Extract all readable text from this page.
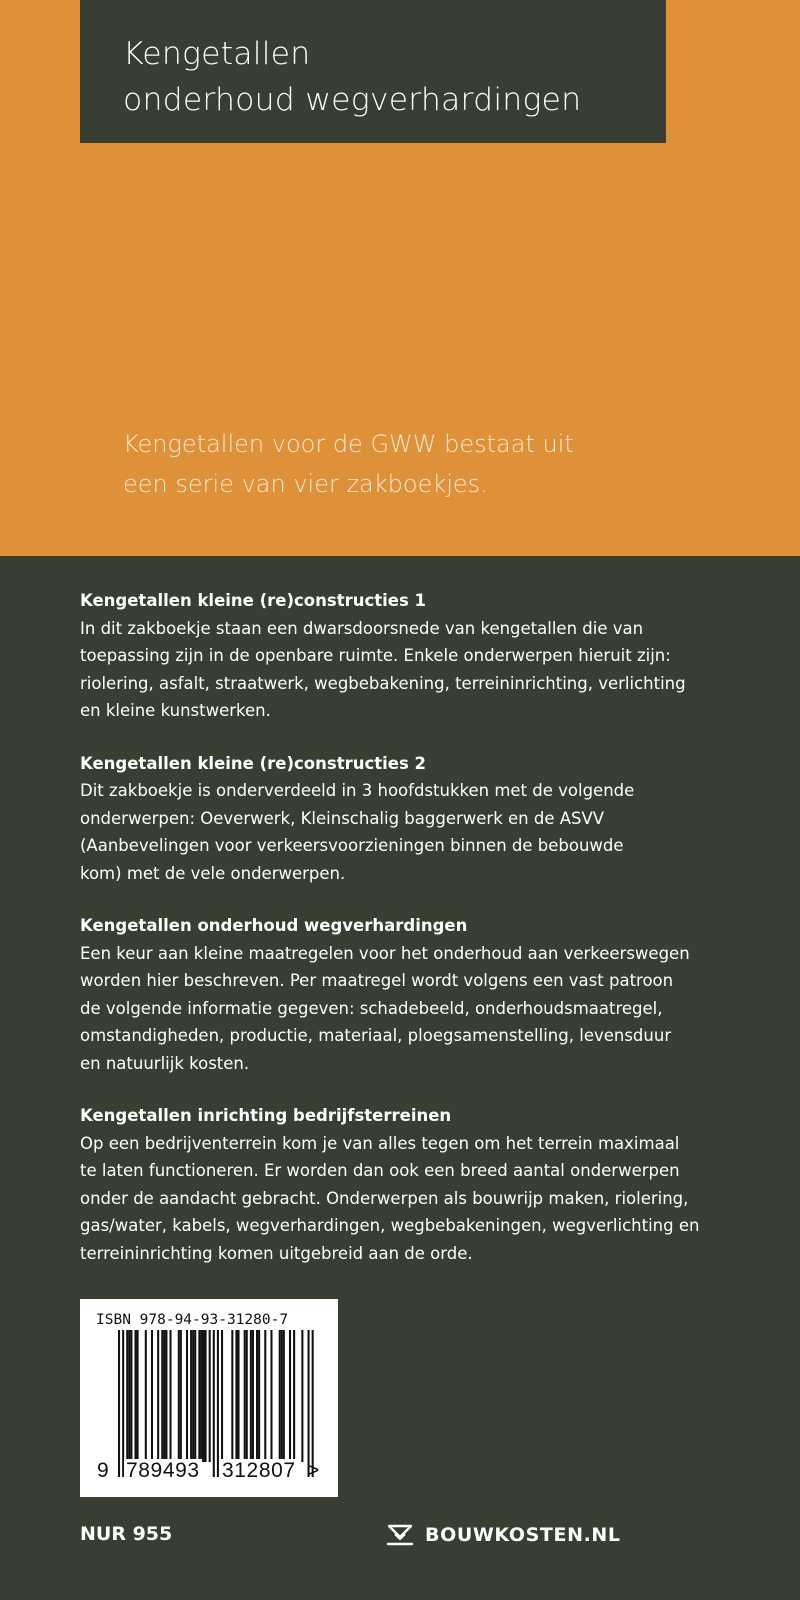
Kengetallen
onderhoud wegverhardingen

Kengetallen voor de GWW bestaat uit
een serie van vier zakboekjes.

Kengetallen kleine (re)constructies 1

In dit zakboekje staan een dwarsdoorsnede van kengetallen die van
toepassing zijn in de openbare ruimte. Enkele onderwerpen hieruit zijn:
riolering, asfalt, straatwerk, wegbebakening, terreininrichting, verlichting
en kleine kunstwerken.

Kengetallen kleine (re)constructies 2

Dit zakboekje is onderverdeeld in 3 hoofdstukken met de volgende
onderwerpen: Oeverwerk, Kleinschalig baggerwerk en de ASVV
(Aanbevelingen voor verkeersvoorzieningen binnen de bebouwde
kom) met de vele onderwerpen.

Kengetallen onderhoud wegverhardingen

Een keur aan kleine maatregelen voor het onderhoud aan verkeerswegen
worden hier beschreven. Per maatregel wordt volgens een vast patroon
de volgende informatie gegeven: schadebeeld, onderhoudsmaatregel,
omstandigheden, productie, materiaal, ploegsamenstelling, levensduur
en natuurlijk kosten.

Kengetallen inrichting bedrijfsterreinen

Op een bedrijventerrein kom je van alles tegen om het terrein maximaal
te laten functioneren. Er worden dan ook een breed aantal onderwerpen
onder de aandacht gebracht. Onderwerpen als bouwrijp maken, riolering,
gas/water, kabels, wegverhardingen, wegbebakeningen, wegverlichting en
terreininrichting komen uitgebreid aan de orde.

ISBN 978-94-93-31280-7
9 789493 312807 >
NUR 955	BOUWKOSTEN.NL
